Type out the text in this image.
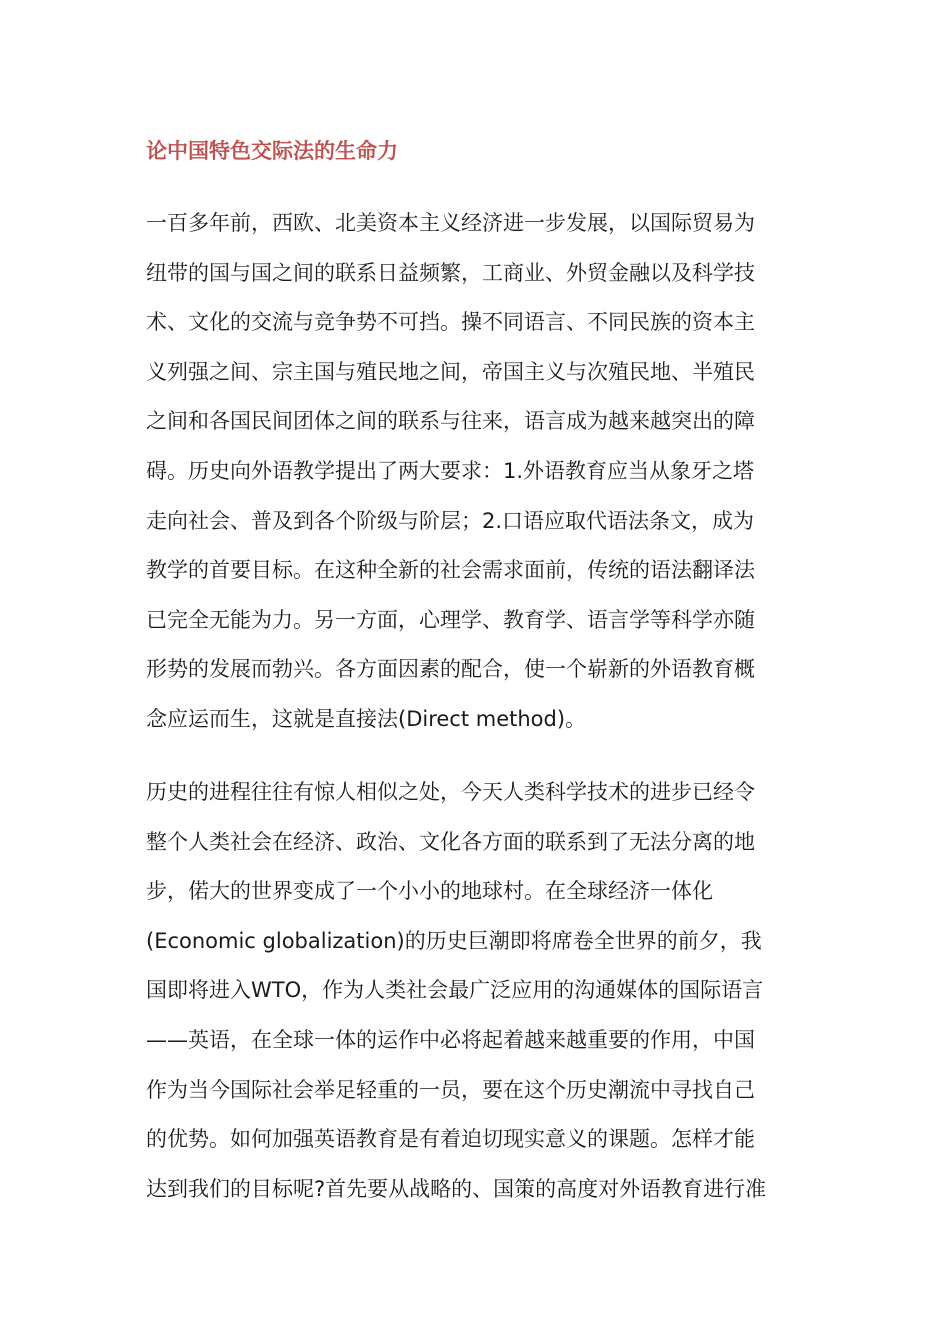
论中国特色交际法的生命力

一百多年前，西欧、北美资本主义经济进一步发展，以国际贸易为
纽带的国与国之间的联系日益频繁，工商业、外贸金融以及科学技
术、文化的交流与竞争势不可挡。操不同语言、不同民族的资本主
义列强之间、宗主国与殖民地之间，帝国主义与次殖民地、半殖民
之间和各国民间团体之间的联系与往来，语言成为越来越突出的障
碍。历史向外语教学提出了两大要求：1.外语教育应当从象牙之塔
走向社会、普及到各个阶级与阶层；2.口语应取代语法条文，成为
教学的首要目标。在这种全新的社会需求面前，传统的语法翻译法
已完全无能为力。另一方面，心理学、教育学、语言学等科学亦随
形势的发展而勃兴。各方面因素的配合，使一个崭新的外语教育概
念应运而生，这就是直接法(Direct method)。

历史的进程往往有惊人相似之处，今天人类科学技术的进步已经令
整个人类社会在经济、政治、文化各方面的联系到了无法分离的地
步，偌大的世界变成了一个小小的地球村。在全球经济一体化
(Economic globalization)的历史巨潮即将席卷全世界的前夕，我
国即将进入WTO，作为人类社会最广泛应用的沟通媒体的国际语言
——英语，在全球一体的运作中必将起着越来越重要的作用，中国
作为当今国际社会举足轻重的一员，要在这个历史潮流中寻找自己
的优势。如何加强英语教育是有着迫切现实意义的课题。怎样才能
达到我们的目标呢?首先要从战略的、国策的高度对外语教育进行准
